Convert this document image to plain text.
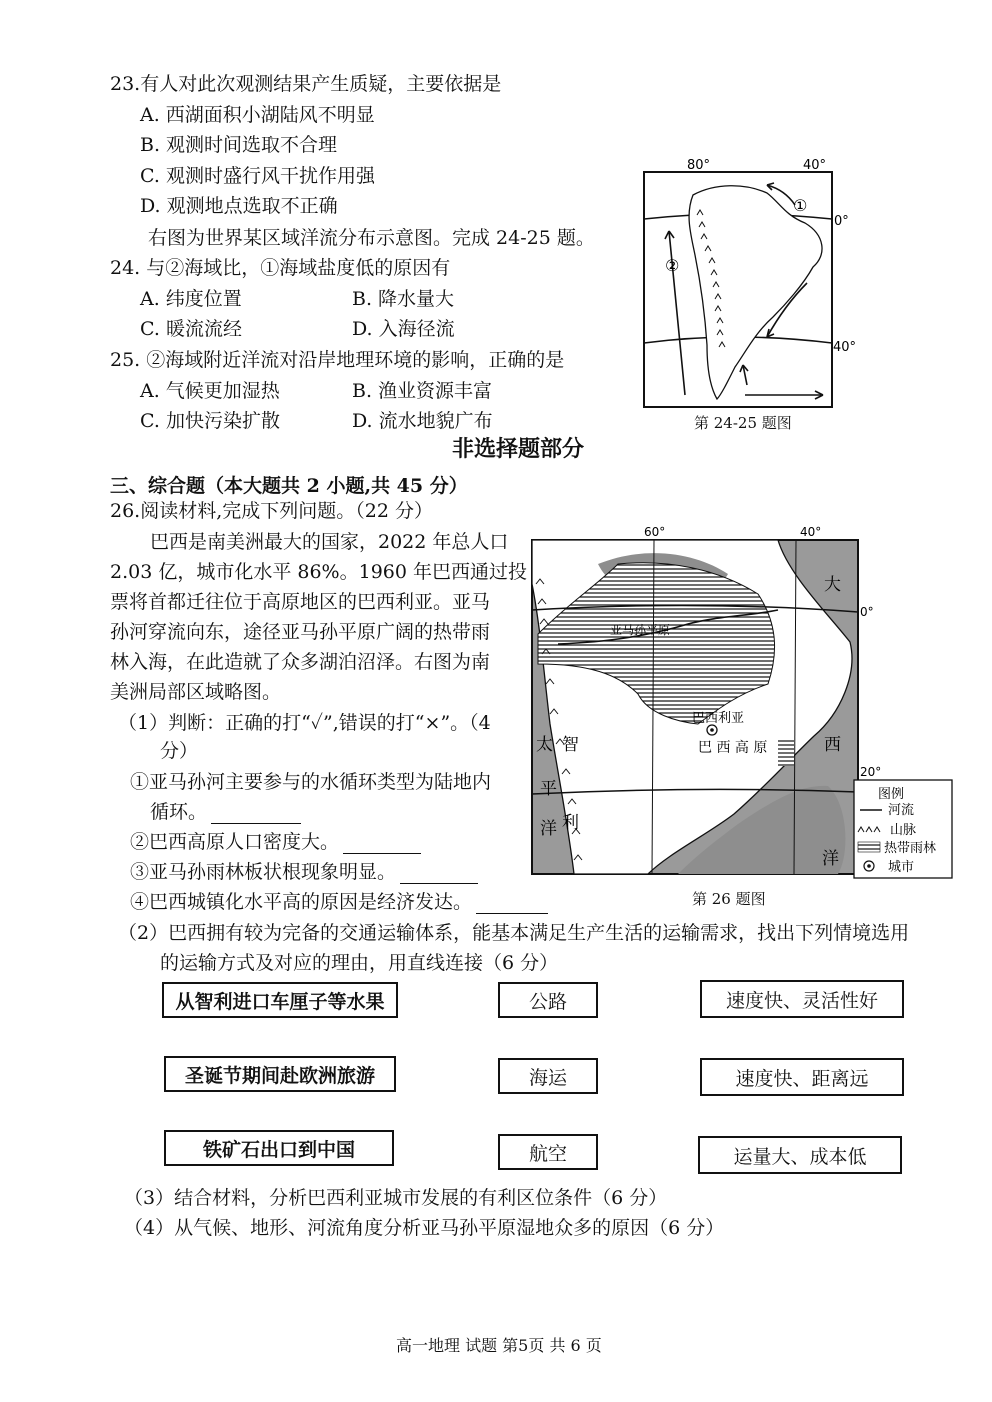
23.有人对此次观测结果产生质疑，主要依据是
A. 西湖面积小湖陆风不明显
B. 观测时间选取不合理
C. 观测时盛行风干扰作用强
D. 观测地点选取不正确
右图为世界某区域洋流分布示意图。完成 24-25 题。
24. 与②海域比，①海域盐度低的原因有
A. 纬度位置	B. 降水量大
C. 暖流流经	D. 入海径流
25. ②海域附近洋流对沿岸地理环境的影响，正确的是
A. 气候更加湿热	B. 渔业资源丰富
C. 加快污染扩散	D. 流水地貌广布
80°	40°
0°
40°
①
②
第 24-25 题图
非选择题部分
三、综合题（本大题共 2 小题,共 45 分）
26.阅读材料,完成下列问题。（22 分）
巴西是南美洲最大的国家，2022 年总人口
2.03 亿，城市化水平 86%。1960 年巴西通过投
票将首都迁往位于高原地区的巴西利亚。亚马
孙河穿流向东，途径亚马孙平原广阔的热带雨
林入海，在此造就了众多湖泊沼泽。右图为南
美洲局部区域略图。
（1）判断：正确的打“✓”,错误的打“×”。（4
分）
①亚马孙河主要参与的水循环类型为陆地内
循环。
②巴西高原人口密度大。
③亚马孙雨林板状根现象明显。
④巴西城镇化水平高的原因是经济发达。
60°	40°
0°
20°
亚马孙平原
巴西利亚
巴 西 高 原
大
西
洋
太
平
洋
智
利
图例
河流
山脉
热带雨林
城市
第 26 题图
（2）巴西拥有较为完备的交通运输体系，能基本满足生产生活的运输需求，找出下列情境选用
的运输方式及对应的理由，用直线连接（6 分）
从智利进口车厘子等水果	公路	速度快、灵活性好
圣诞节期间赴欧洲旅游	海运	速度快、距离远
铁矿石出口到中国	航空	运量大、成本低
（3）结合材料，分析巴西利亚城市发展的有利区位条件（6 分）
（4）从气候、地形、河流角度分析亚马孙平原湿地众多的原因（6 分）
高一地理 试题 第5页 共 6 页
